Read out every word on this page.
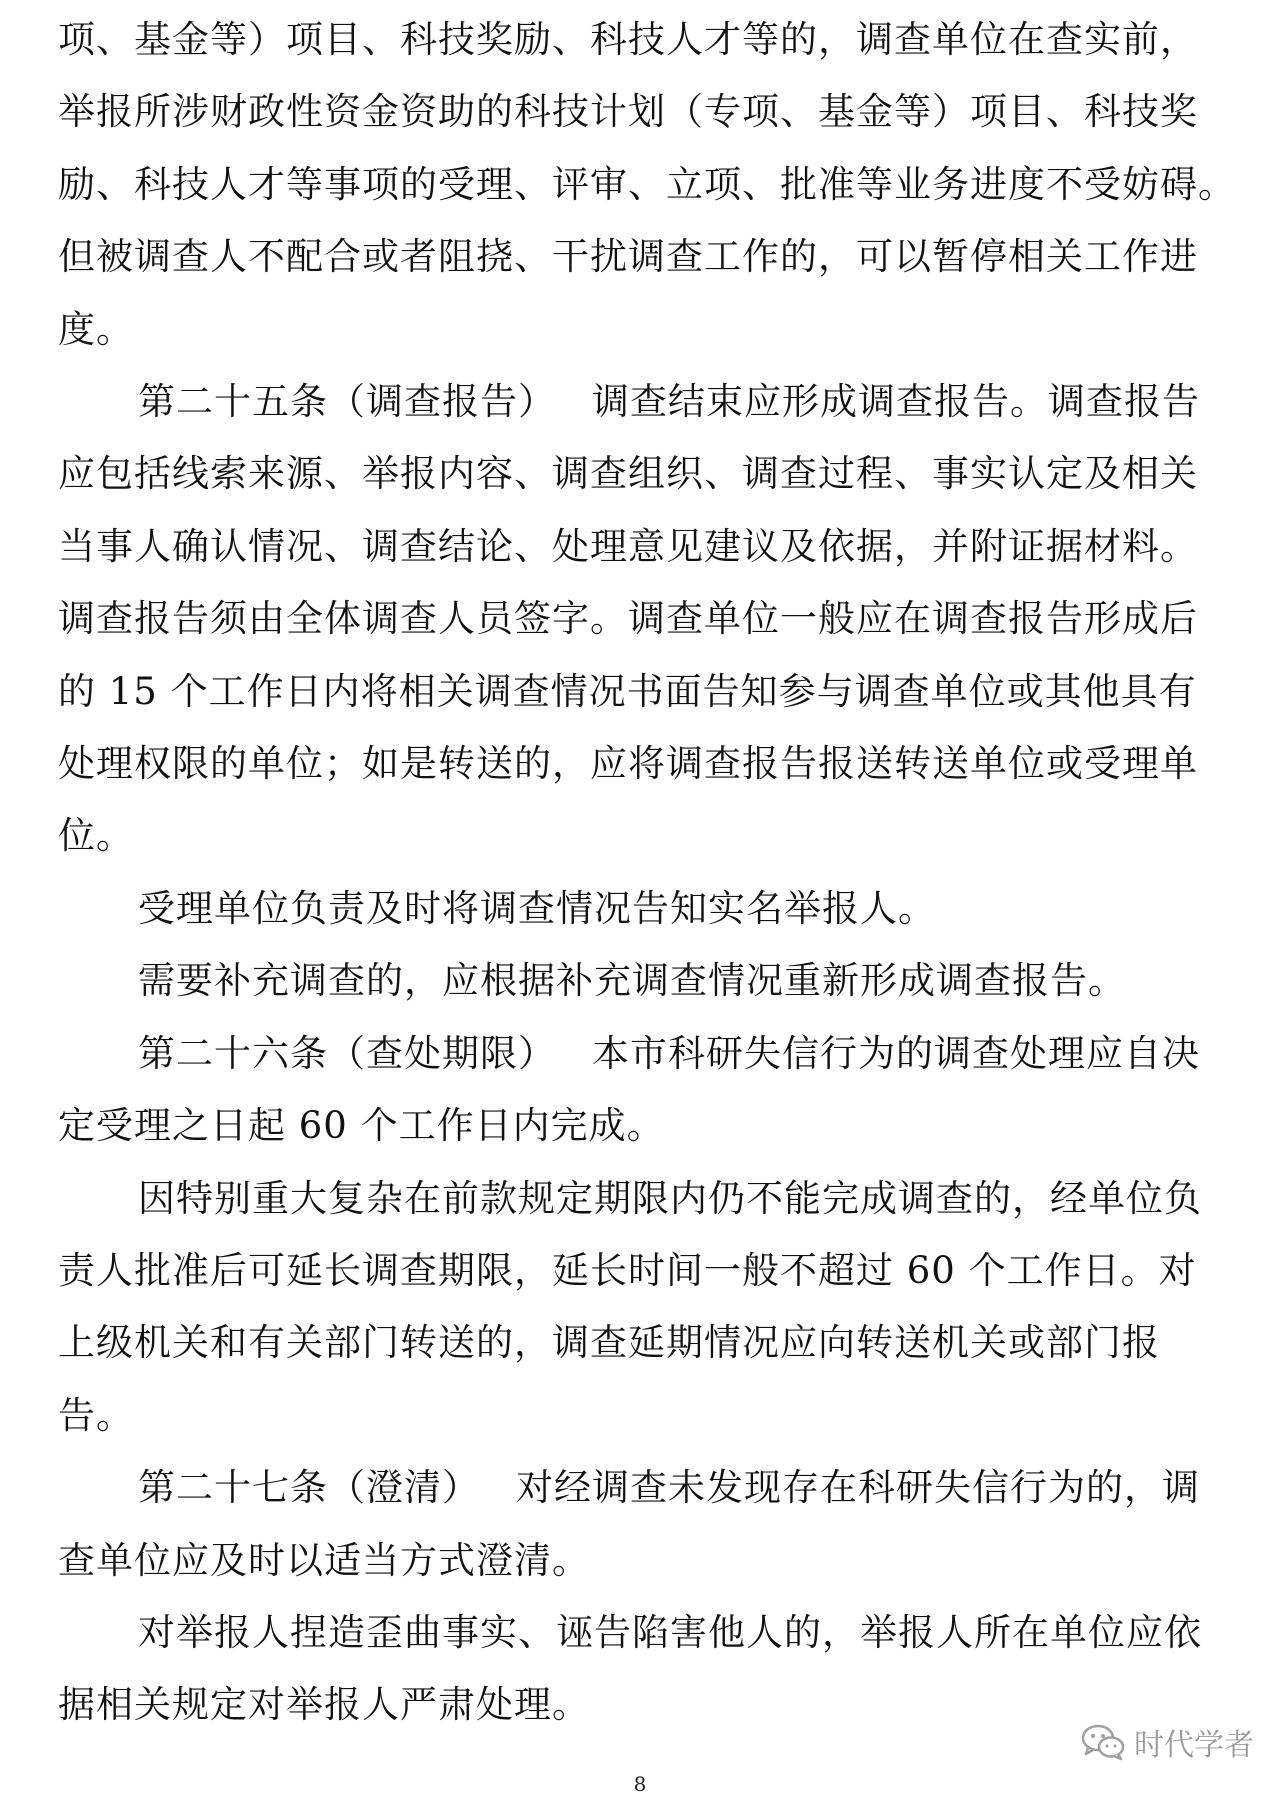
项、基金等）项目、科技奖励、科技人才等的，调查单位在查实前，
举报所涉财政性资金资助的科技计划（专项、基金等）项目、科技奖
励、科技人才等事项的受理、评审、立项、批准等业务进度不受妨碍。
但被调查人不配合或者阻挠、干扰调查工作的，可以暂停相关工作进
度。
第二十五条（调查报告） 调查结束应形成调查报告。调查报告
应包括线索来源、举报内容、调查组织、调查过程、事实认定及相关
当事人确认情况、调查结论、处理意见建议及依据，并附证据材料。
调查报告须由全体调查人员签字。调查单位一般应在调查报告形成后
的 15 个工作日内将相关调查情况书面告知参与调查单位或其他具有
处理权限的单位；如是转送的，应将调查报告报送转送单位或受理单
位。
受理单位负责及时将调查情况告知实名举报人。
需要补充调查的，应根据补充调查情况重新形成调查报告。
第二十六条（查处期限） 本市科研失信行为的调查处理应自决
定受理之日起 60 个工作日内完成。
因特别重大复杂在前款规定期限内仍不能完成调查的，经单位负
责人批准后可延长调查期限，延长时间一般不超过 60 个工作日。对
上级机关和有关部门转送的，调查延期情况应向转送机关或部门报
告。
第二十七条（澄清） 对经调查未发现存在科研失信行为的，调
查单位应及时以适当方式澄清。
对举报人捏造歪曲事实、诬告陷害他人的，举报人所在单位应依
据相关规定对举报人严肃处理。
时代学者
8
